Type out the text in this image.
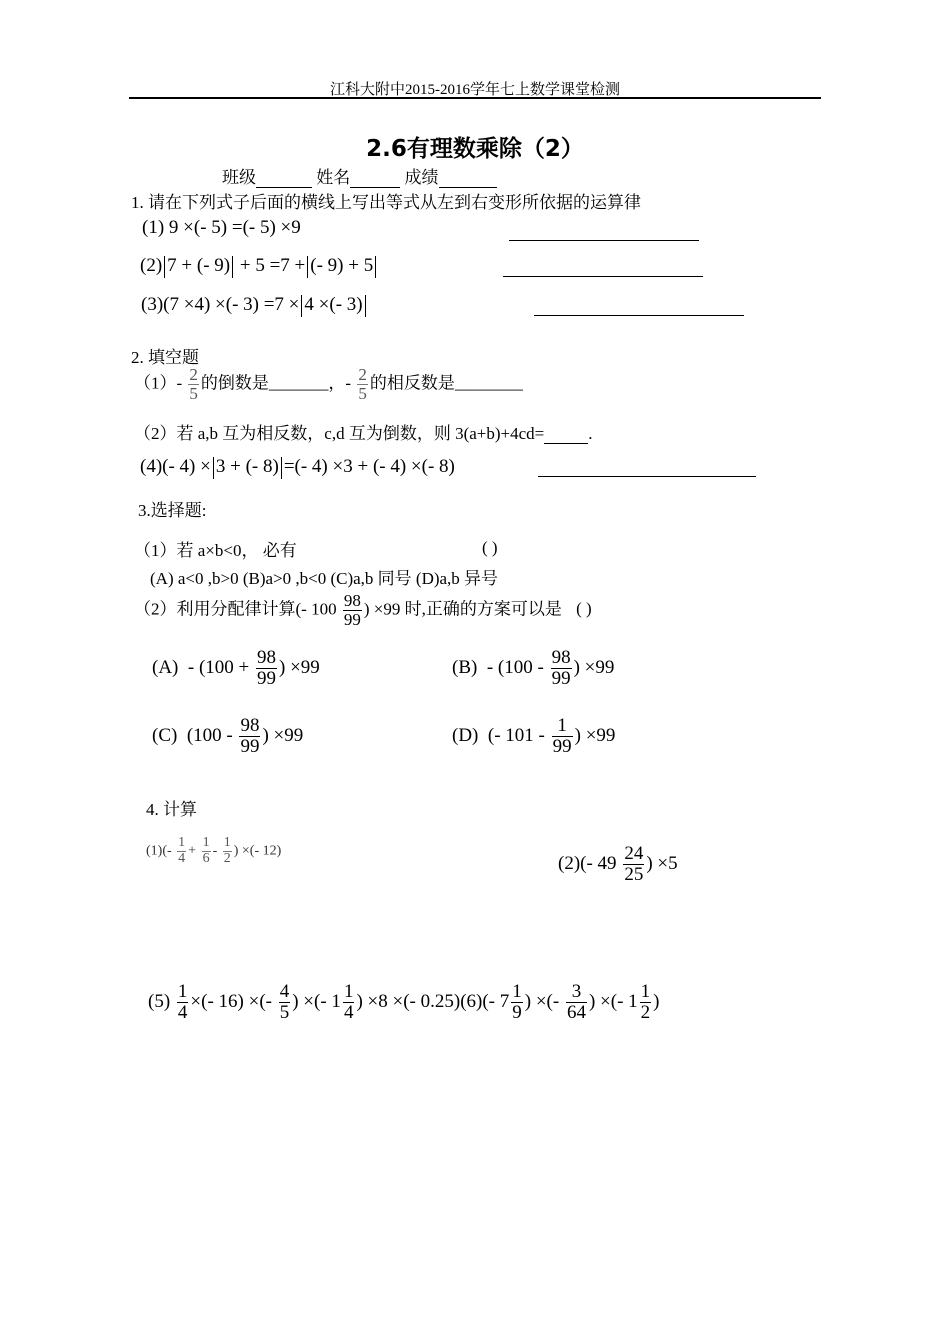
江科大附中2015-2016学年七上数学课堂检测
2.6有理数乘除（2）
班级	姓名	成绩
1. 请在下列式子后面的横线上写出等式从左到右变形所依据的运算律
(1) 9 ×(- 5) =(- 5) ×9
(2) 7 + (- 9) + 5 =7 + (- 9) + 5
(3)(7 ×4) ×(- 3) =7 × 4 ×(- 3)
2. 填空题
$(1)- \frac{2}{5}$ 的倒数是_______，- $\frac{2}{5}$ 的相反数是________
（2）若 a,b 互为相反数，c,d 互为倒数，则 3(a+b)+4cd=	.
(4)(- 4) × 3 + (- 8) =(- 4) ×3 + (- 4) ×(- 8)
3.选择题:
（1）若 a×b<0， 必有	( )
(A) a<0 ,b>0 (B)a>0 ,b<0 (C)a,b 同号 (D)a,b 异号
（2）利用分配律计算(- $100 \frac{98}{99}$ ) ×99 时,正确的方案可以是 ( )
$(A) - (100 + \frac{98}{99}$ ) ×99	$(B) - (100 - \frac{98}{99}$ ) ×99
(C) ($100 - \frac{98}{99}$ ) ×99	(D) (- $101 - \frac{1}{99}$ ) ×99
4. 计算
$(1)(- \frac{1}{4} + \frac{1}{6} - \frac{1}{2}$ ) ×(- 12)
(2)(- $49 \frac{24}{25}$ ) ×5
$(5) \frac{1}{4}$ ×(- 16) ×(- $\frac{4}{5}$ ) ×(- $1 \frac{1}{4}$ ) ×8 ×(- 0.25)(6)(- $7 \frac{1}{9}$ ) ×(- $\frac{3}{64}$ ) ×(- $1 \frac{1}{2}$ )
